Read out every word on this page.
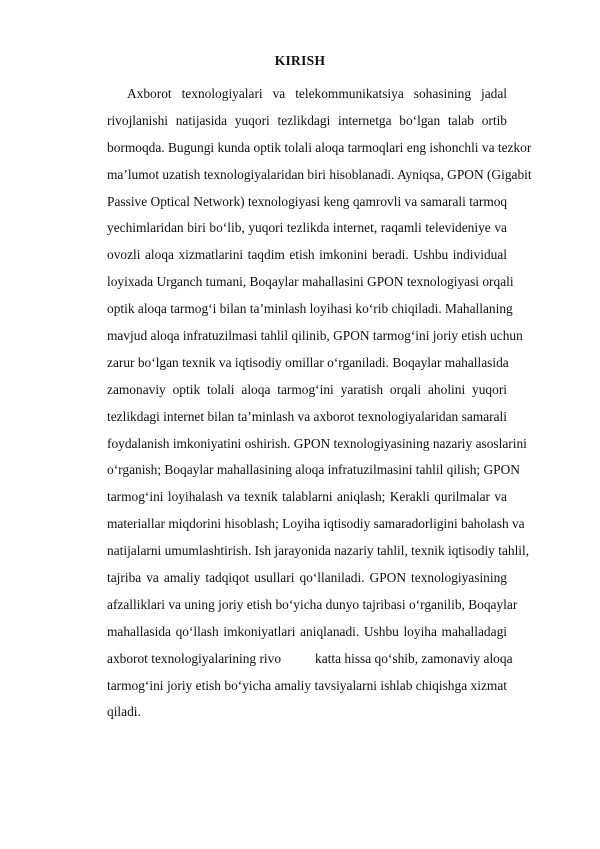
KIRISH
Axborot texnologiyalari va telekommunikatsiya sohasining jadal
rivojlanishi natijasida yuqori tezlikdagi internetga bo‘lgan talab ortib
bormoqda. Bugungi kunda optik tolali aloqa tarmoqlari eng ishonchli va tezkor
ma’lumot uzatish texnologiyalaridan biri hisoblanadi. Ayniqsa, GPON (Gigabit
Passive Optical Network) texnologiyasi keng qamrovli va samarali tarmoq
yechimlaridan biri bo‘lib, yuqori tezlikda internet, raqamli televideniye va
ovozli aloqa xizmatlarini taqdim etish imkonini beradi. Ushbu individual
loyixada Urganch tumani, Boqaylar mahallasini GPON texnologiyasi orqali
optik aloqa tarmog‘i bilan ta’minlash loyihasi ko‘rib chiqiladi. Mahallaning
mavjud aloqa infratuzilmasi tahlil qilinib, GPON tarmog‘ini joriy etish uchun
zarur bo‘lgan texnik va iqtisodiy omillar o‘rganiladi. Boqaylar mahallasida
zamonaviy optik tolali aloqa tarmog‘ini yaratish orqali aholini yuqori
tezlikdagi internet bilan ta’minlash va axborot texnologiyalaridan samarali
foydalanish imkoniyatini oshirish. GPON texnologiyasining nazariy asoslarini
o‘rganish; Boqaylar mahallasining aloqa infratuzilmasini tahlil qilish; GPON
tarmog‘ini loyihalash va texnik talablarni aniqlash; Kerakli qurilmalar va
materiallar miqdorini hisoblash; Loyiha iqtisodiy samaradorligini baholash va
natijalarni umumlashtirish. Ish jarayonida nazariy tahlil, texnik iqtisodiy tahlil,
tajriba va amaliy tadqiqot usullari qo‘llaniladi. GPON texnologiyasining
afzalliklari va uning joriy etish bo‘yicha dunyo tajribasi o‘rganilib, Boqaylar
mahallasida qo‘llash imkoniyatlari aniqlanadi. Ushbu loyiha mahalladagi
axborot texnologiyalarining rivo	katta hissa qo‘shib, zamonaviy aloqa
tarmog‘ini joriy etish bo‘yicha amaliy tavsiyalarni ishlab chiqishga xizmat
qiladi.
